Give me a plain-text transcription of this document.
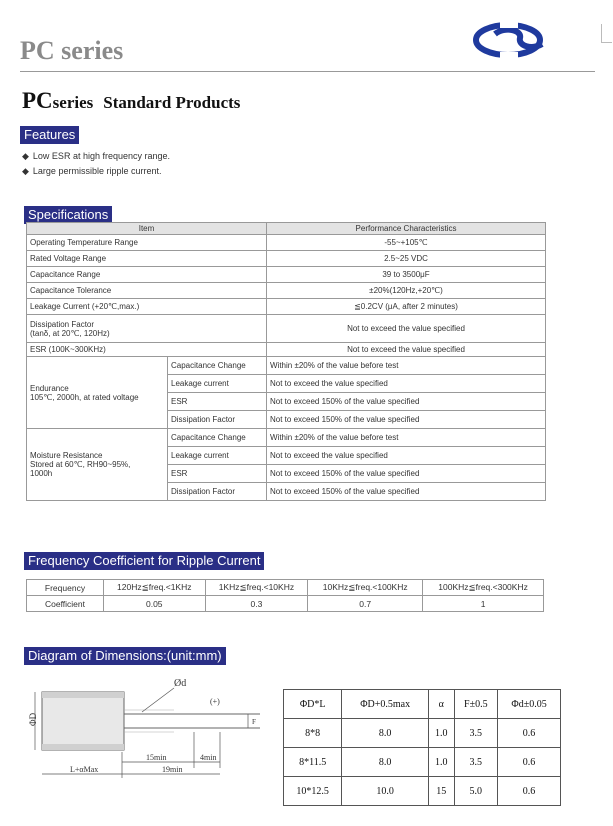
PC series
PCseries Standard Products
Features
◆ Low ESR at high frequency range.
◆ Large permissible ripple current.
Specifications
Item		Performance Characteristics
Operating Temperature Range		-55~+105℃
Rated Voltage Range		2.5~25 VDC
Capacitance Range		39 to 3500μF
Capacitance Tolerance		±20%(120Hz,+20℃)
Leakage Current (+20℃,max.)		≦0.2CV (μA, after 2 minutes)

Dissipation Factor
(tanδ, at 20℃, 120Hz)		Not to exceed the value specified
ESR (100K~300KHz)		Not to exceed the value specified

Endurance
105℃, 2000h, at rated voltage	Capacitance Change	Within ±20% of the value before test
	Leakage current	Not to exceed the value specified
	ESR	Not to exceed 150% of the value specified
	Dissipation Factor	Not to exceed 150% of the value specified

Moisture Resistance
Stored at 60℃, RH90~95%,
1000h	Capacitance Change	Within ±20% of the value before test
	Leakage current	Not to exceed the value specified
	ESR	Not to exceed 150% of the value specified
	Dissipation Factor	Not to exceed 150% of the value specified
Frequency Coefficient for Ripple Current
Frequency	120Hz≦freq.<1KHz	1KHz≦freq.<10KHz	10KHz≦freq.<100KHz	100KHz≦freq.<300KHz
Coefficient	0.05	0.3	0.7	1
Diagram of Dimensions:(unit:mm)
Ød
(+)
ΦD	F
15min	4min
L+αMax	19min
ΦD*L	ΦD+0.5max	α	F±0.5	Φd±0.05
8*8	8.0	1.0	3.5	0.6
8*11.5	8.0	1.0	3.5	0.6
10*12.5	10.0	15	5.0	0.6
